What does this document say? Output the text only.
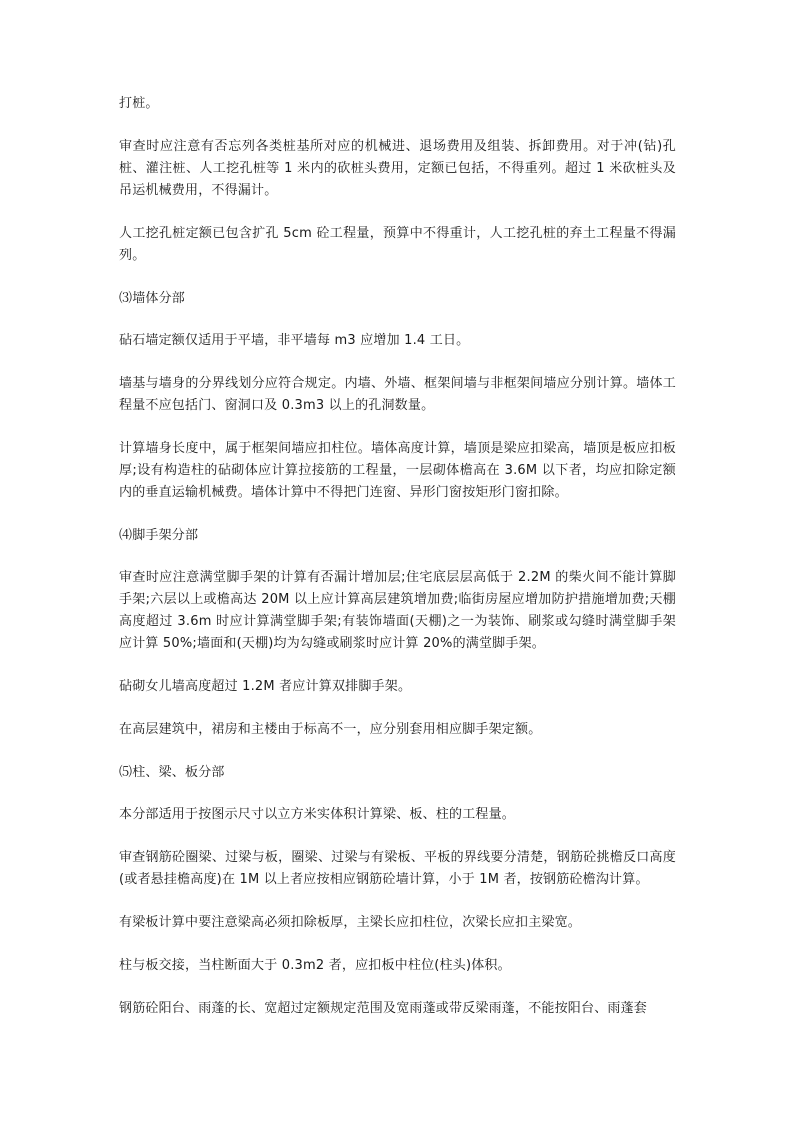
打桩。

审查时应注意有否忘列各类桩基所对应的机械进、退场费用及组装、拆卸费用。对于冲(钻)孔桩、灌注桩、人工挖孔桩等 1 米内的砍桩头费用，定额已包括，不得重列。超过 1 米砍桩头及吊运机械费用，不得漏计。

人工挖孔桩定额已包含扩孔 5cm 砼工程量，预算中不得重计，人工挖孔桩的弃土工程量不得漏列。

⑶墙体分部

砧石墙定额仅适用于平墙，非平墙每 m3 应增加 1.4 工日。

墙基与墙身的分界线划分应符合规定。内墙、外墙、框架间墙与非框架间墙应分别计算。墙体工程量不应包括门、窗洞口及 0.3m3 以上的孔洞数量。

计算墙身长度中，属于框架间墙应扣柱位。墙体高度计算，墙顶是梁应扣梁高，墙顶是板应扣板厚;设有构造柱的砧砌体应计算拉接筋的工程量，一层砌体檐高在 3.6M 以下者，均应扣除定额内的垂直运输机械费。墙体计算中不得把门连窗、异形门窗按矩形门窗扣除。

⑷脚手架分部

审查时应注意满堂脚手架的计算有否漏计增加层;住宅底层层高低于 2.2M 的柴火间不能计算脚手架;六层以上或檐高达 20M 以上应计算高层建筑增加费;临街房屋应增加防护措施增加费;天棚高度超过 3.6m 时应计算满堂脚手架;有装饰墙面(天棚)之一为装饰、刷浆或勾缝时满堂脚手架应计算 50%;墙面和(天棚)均为勾缝或刷浆时应计算 20%的满堂脚手架。

砧砌女儿墙高度超过 1.2M 者应计算双排脚手架。

在高层建筑中，裙房和主楼由于标高不一，应分别套用相应脚手架定额。

⑸柱、梁、板分部

本分部适用于按图示尺寸以立方米实体积计算梁、板、柱的工程量。

审查钢筋砼圈梁、过梁与板，圈梁、过梁与有梁板、平板的界线要分清楚，钢筋砼挑檐反口高度(或者悬挂檐高度)在 1M 以上者应按相应钢筋砼墙计算，小于 1M 者，按钢筋砼檐沟计算。

有梁板计算中要注意梁高必须扣除板厚，主梁长应扣柱位，次梁长应扣主梁宽。

柱与板交接，当柱断面大于 0.3m2 者，应扣板中柱位(柱头)体积。

钢筋砼阳台、雨蓬的长、宽超过定额规定范围及宽雨蓬或带反梁雨蓬，不能按阳台、雨蓬套
